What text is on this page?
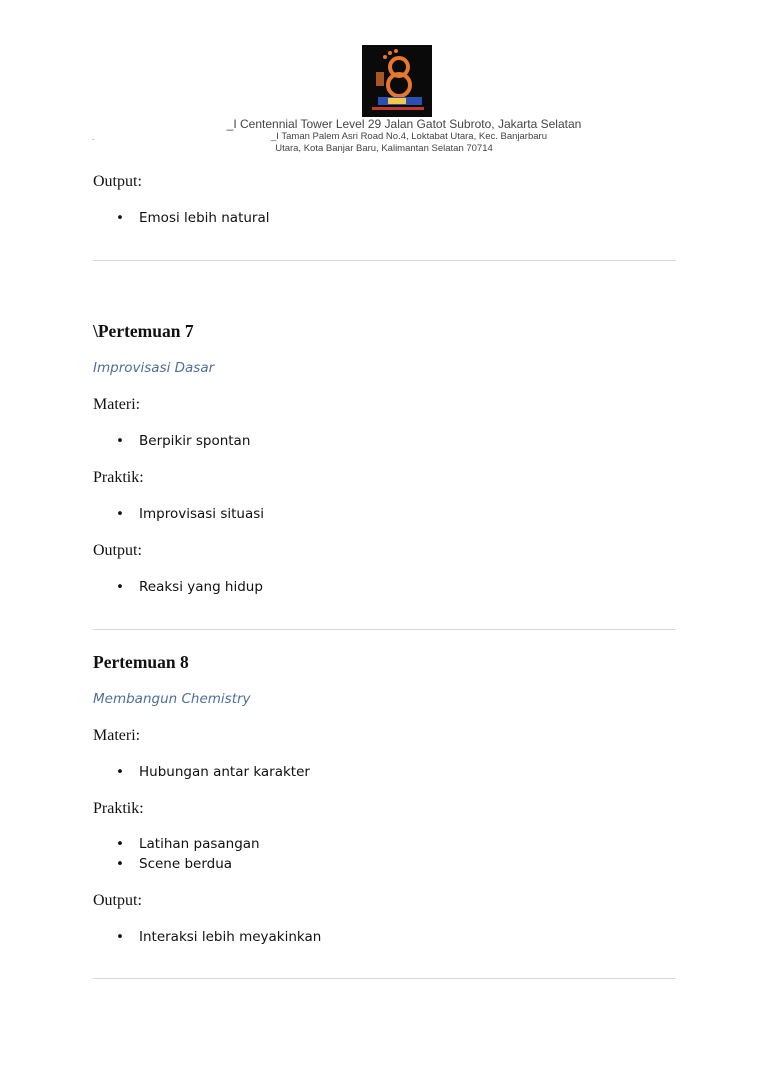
.
_I Centennial Tower Level 29 Jalan Gatot Subroto, Jakarta Selatan
_I Taman Palem Asri Road No.4, Loktabat Utara, Kec. Banjarbaru
Utara, Kota Banjar Baru, Kalimantan Selatan 70714
Output:
• Emosi lebih natural
\Pertemuan 7
Improvisasi Dasar
Materi:
• Berpikir spontan
Praktik:
• Improvisasi situasi
Output:
• Reaksi yang hidup
Pertemuan 8
Membangun Chemistry
Materi:
• Hubungan antar karakter
Praktik:
• Latihan pasangan
• Scene berdua
Output:
• Interaksi lebih meyakinkan
